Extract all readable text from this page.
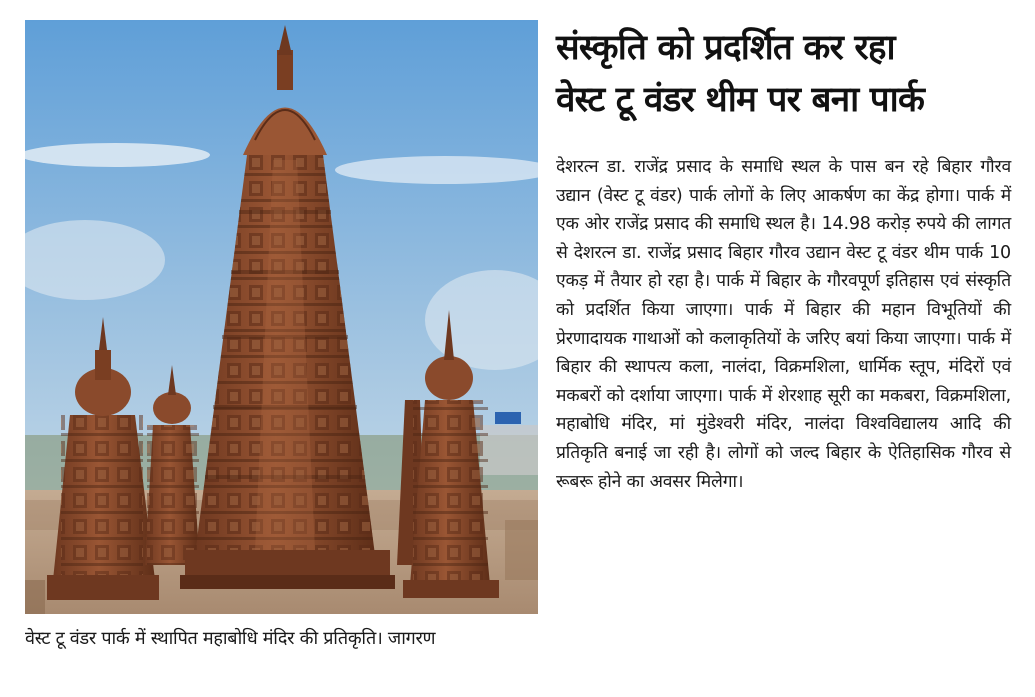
वेस्ट टू वंडर पार्क में स्थापित महाबोधि मंदिर की प्रतिकृति। जागरण
संस्कृति को प्रदर्शित कर रहा
वेस्ट टू वंडर थीम पर बना पार्क
देशरत्न डा. राजेंद्र प्रसाद के समाधि स्थल के पास बन रहे बिहार गौरव उद्यान (वेस्ट टू वंडर) पार्क लोगों के लिए आकर्षण का केंद्र होगा। पार्क में एक ओर राजेंद्र प्रसाद की समाधि स्थल है। 14.98 करोड़ रुपये की लागत से देशरत्न डा. राजेंद्र प्रसाद बिहार गौरव उद्यान वेस्ट टू वंडर थीम पार्क 10 एकड़ में तैयार हो रहा है। पार्क में बिहार के गौरवपूर्ण इतिहास एवं संस्कृति को प्रदर्शित किया जाएगा। पार्क में बिहार की महान विभूतियों की प्रेरणादायक गाथाओं को कलाकृतियों के जरिए बयां किया जाएगा। पार्क में बिहार की स्थापत्य कला, नालंदा, विक्रमशिला, धार्मिक स्तूप, मंदिरों एवं मकबरों को दर्शाया जाएगा। पार्क में शेरशाह सूरी का मकबरा, विक्रमशिला, महाबोधि मंदिर, मां मुंडेश्वरी मंदिर, नालंदा विश्वविद्यालय आदि की प्रतिकृति बनाई जा रही है। लोगों को जल्द बिहार के ऐतिहासिक गौरव से रूबरू होने का अवसर मिलेगा।
